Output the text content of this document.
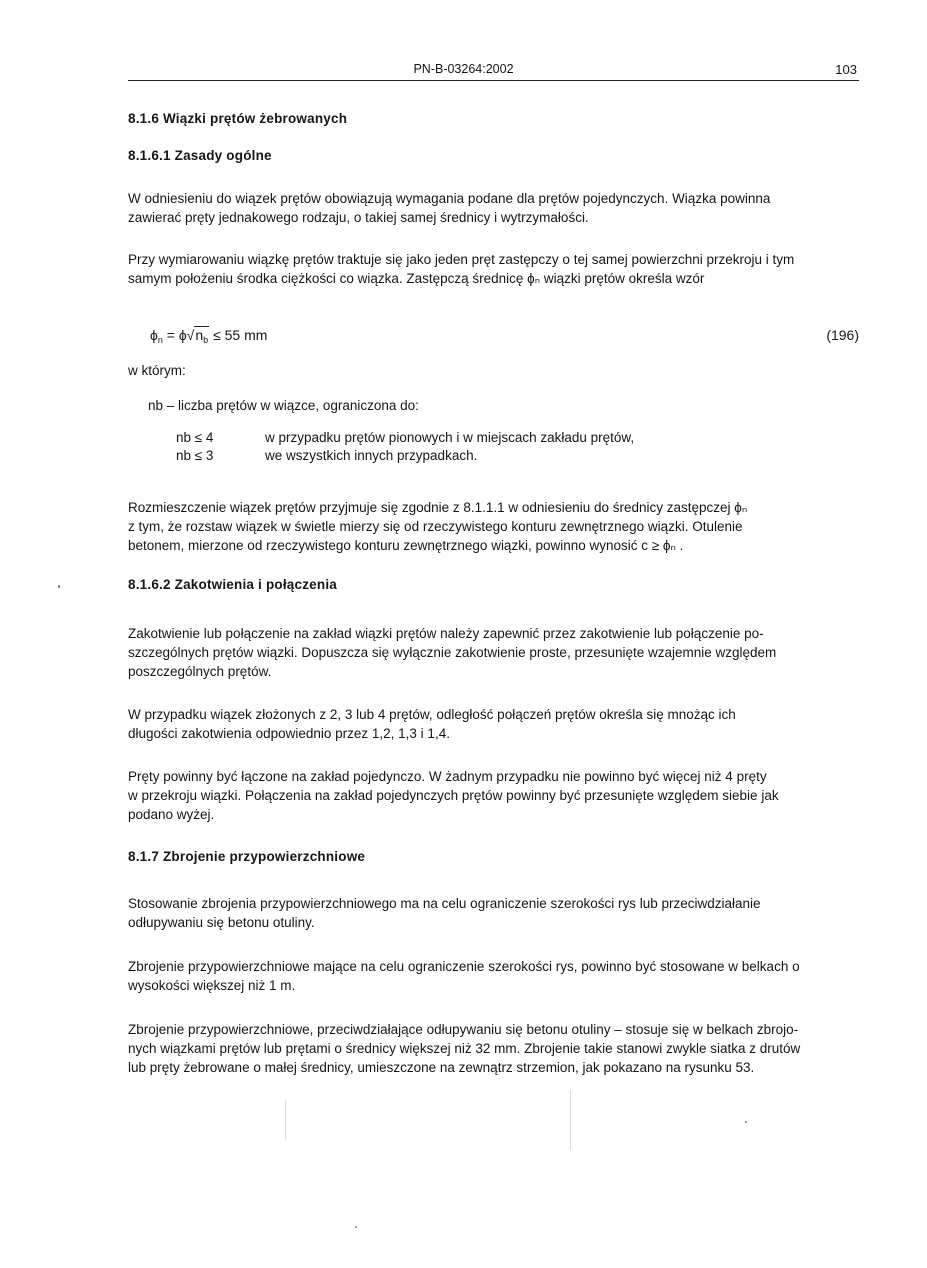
PN-B-03264:2002	103
8.1.6 Wiązki prętów żebrowanych
8.1.6.1 Zasady ogólne
W odniesieniu do wiązek prętów obowiązują wymagania podane dla prętów pojedynczych. Wiązka powinna
zawierać pręty jednakowego rodzaju, o takiej samej średnicy i wytrzymałości.
Przy wymiarowaniu wiązkę prętów traktuje się jako jeden pręt zastępczy o tej samej powierzchni przekroju i tym
samym położeniu środka ciężkości co wiązka. Zastępczą średnicę ϕₙ wiązki prętów określa wzór
$\phi_n = \phi√n_b \le 55$ mm	(196)
w którym:
nb – liczba prętów w wiązce, ograniczona do:
nb ≤ 4	w przypadku prętów pionowych i w miejscach zakładu prętów,
nb ≤ 3	we wszystkich innych przypadkach.
Rozmieszczenie wiązek prętów przyjmuje się zgodnie z 8.1.1.1 w odniesieniu do średnicy zastępczej ϕₙ
z tym, że rozstaw wiązek w świetle mierzy się od rzeczywistego konturu zewnętrznego wiązki. Otulenie
betonem, mierzone od rzeczywistego konturu zewnętrznego wiązki, powinno wynosić c ≥ ϕₙ .
8.1.6.2 Zakotwienia i połączenia
Zakotwienie lub połączenie na zakład wiązki prętów należy zapewnić przez zakotwienie lub połączenie po-
szczególnych prętów wiązki. Dopuszcza się wyłącznie zakotwienie proste, przesunięte wzajemnie względem
poszczególnych prętów.
W przypadku wiązek złożonych z 2, 3 lub 4 prętów, odległość połączeń prętów określa się mnożąc ich
długości zakotwienia odpowiednio przez 1,2, 1,3 i 1,4.
Pręty powinny być łączone na zakład pojedynczo. W żadnym przypadku nie powinno być więcej niż 4 pręty
w przekroju wiązki. Połączenia na zakład pojedynczych prętów powinny być przesunięte względem siebie jak
podano wyżej.
8.1.7 Zbrojenie przypowierzchniowe
Stosowanie zbrojenia przypowierzchniowego ma na celu ograniczenie szerokości rys lub przeciwdziałanie
odłupywaniu się betonu otuliny.
Zbrojenie przypowierzchniowe mające na celu ograniczenie szerokości rys, powinno być stosowane w belkach o
wysokości większej niż 1 m.
Zbrojenie przypowierzchniowe, przeciwdziałające odłupywaniu się betonu otuliny – stosuje się w belkach zbrojo-
nych wiązkami prętów lub prętami o średnicy większej niż 32 mm. Zbrojenie takie stanowi zwykle siatka z drutów
lub pręty żebrowane o małej średnicy, umieszczone na zewnątrz strzemion, jak pokazano na rysunku 53.
